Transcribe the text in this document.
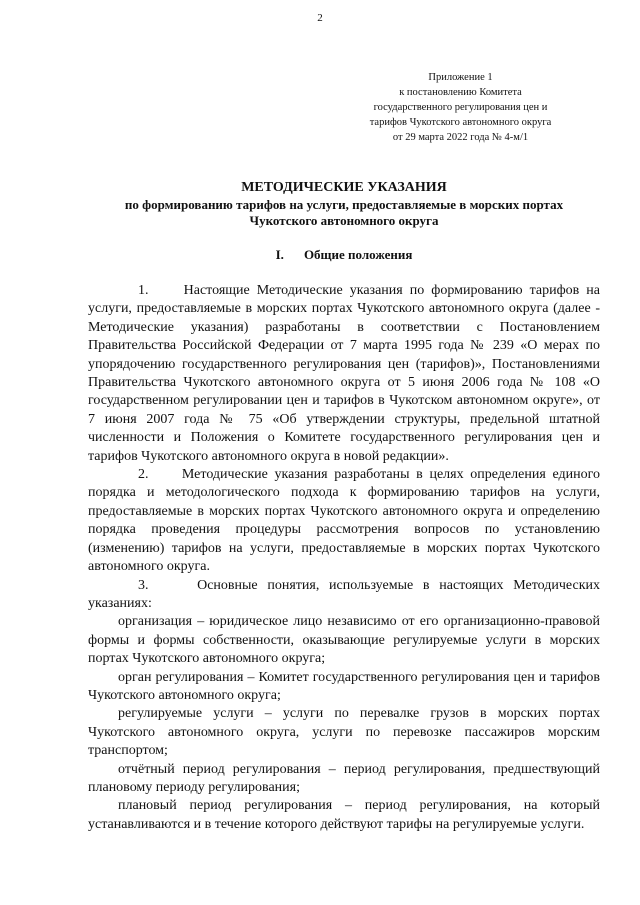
2
Приложение 1
к постановлению Комитета
государственного регулирования цен и
тарифов Чукотского автономного округа
от 29 марта 2022 года № 4-м/1
МЕТОДИЧЕСКИЕ УКАЗАНИЯ
по формированию тарифов на услуги, предоставляемые в морских портах
Чукотского автономного округа
I. Общие положения

1.     Настоящие Методические указания по формированию тарифов на услуги, предоставляемые в морских портах Чукотского автономного округа (далее - Методические указания) разработаны в соответствии с Постановлением Правительства Российской Федерации от 7 марта 1995 года № 239 «О мерах по упорядочению государственного регулирования цен (тарифов)», Постановлениями Правительства Чукотского автономного округа от 5 июня 2006 года № 108 «О государственном регулировании цен и тарифов в Чукотском автономном округе», от 7 июня 2007 года № 75 «Об утверждении структуры, предельной штатной численности и Положения о Комитете государственного регулирования цен и тарифов Чукотского автономного округа в новой редакции».

2.     Методические указания разработаны в целях определения единого порядка и методологического подхода к формированию тарифов на услуги, предоставляемые в морских портах Чукотского автономного округа и определению порядка проведения процедуры рассмотрения вопросов по установлению (изменению) тарифов на услуги, предоставляемые в морских портах Чукотского автономного округа.

3.     Основные понятия, используемые в настоящих Методических указаниях:

организация – юридическое лицо независимо от его организационно-правовой формы и формы собственности, оказывающие регулируемые услуги в морских портах Чукотского автономного округа;

орган регулирования – Комитет государственного регулирования цен и тарифов Чукотского автономного округа;

регулируемые услуги – услуги по перевалке грузов в морских портах Чукотского автономного округа, услуги по перевозке пассажиров морским транспортом;

отчётный период регулирования – период регулирования, предшествующий плановому периоду регулирования;

плановый период регулирования – период регулирования, на который устанавливаются и в течение которого действуют тарифы на регулируемые услуги.
